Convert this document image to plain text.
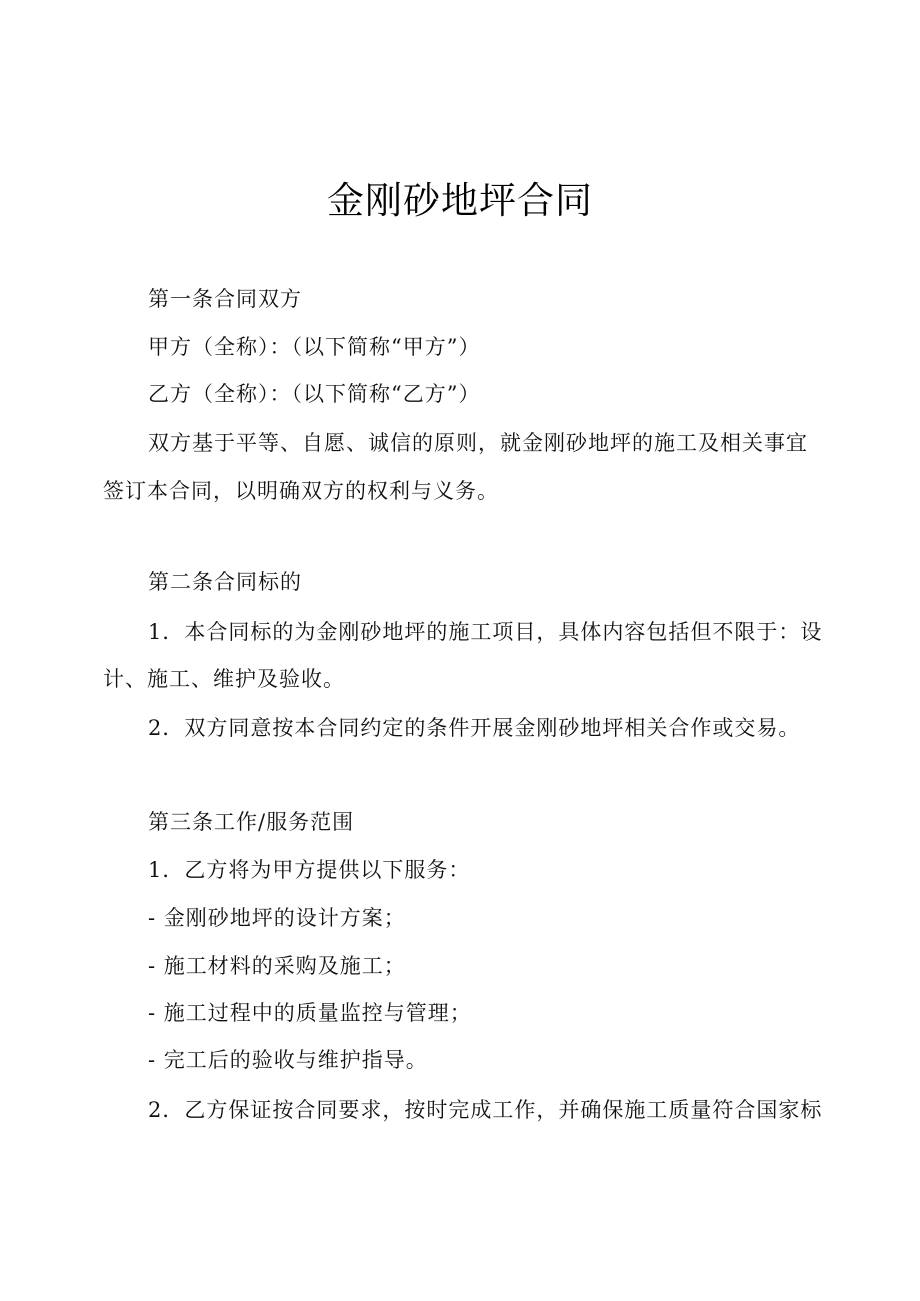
金刚砂地坪合同
第一条合同双方
甲方（全称）：（以下简称“甲方”）
乙方（全称）：（以下简称“乙方”）
双方基于平等、自愿、诚信的原则，就金刚砂地坪的施工及相关事宜
签订本合同，以明确双方的权利与义务。
第二条合同标的
1．本合同标的为金刚砂地坪的施工项目，具体内容包括但不限于：设
计、施工、维护及验收。
2．双方同意按本合同约定的条件开展金刚砂地坪相关合作或交易。
第三条工作/服务范围
1．乙方将为甲方提供以下服务：
- 金刚砂地坪的设计方案；
- 施工材料的采购及施工；
- 施工过程中的质量监控与管理；
- 完工后的验收与维护指导。
2．乙方保证按合同要求，按时完成工作，并确保施工质量符合国家标
